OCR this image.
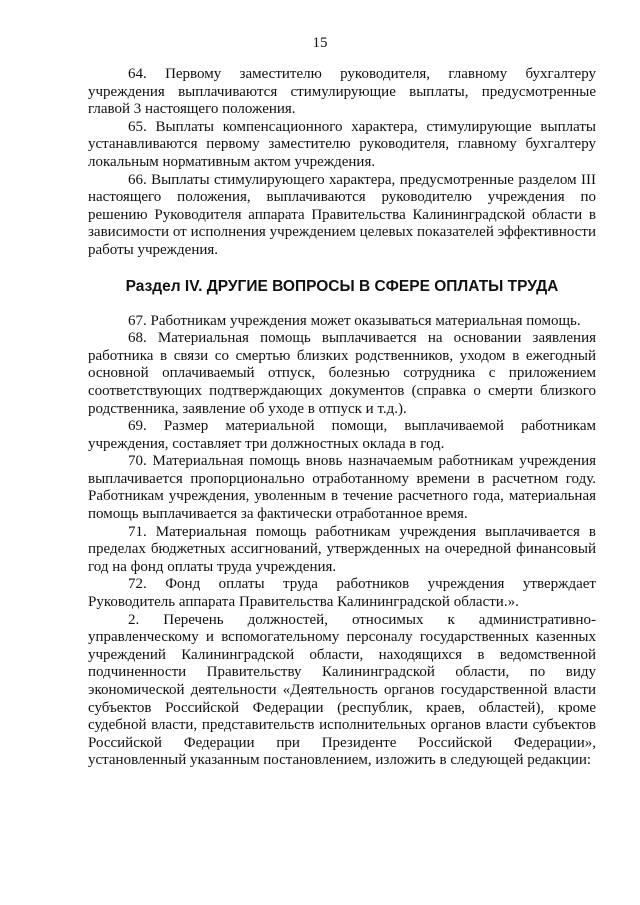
15

64. Первому заместителю руководителя, главному бухгалтеру учреждения выплачиваются стимулирующие выплаты, предусмотренные главой 3 настоящего положения.

65. Выплаты компенсационного характера, стимулирующие выплаты устанавливаются первому заместителю руководителя, главному бухгалтеру локальным нормативным актом учреждения.

66. Выплаты стимулирующего характера, предусмотренные разделом III настоящего положения, выплачиваются руководителю учреждения по решению Руководителя аппарата Правительства Калининградской области в зависимости от исполнения учреждением целевых показателей эффективности работы учреждения.

Раздел IV. ДРУГИЕ ВОПРОСЫ В СФЕРЕ ОПЛАТЫ ТРУДА

67. Работникам учреждения может оказываться материальная помощь.

68. Материальная помощь выплачивается на основании заявления работника в связи со смертью близких родственников, уходом в ежегодный основной оплачиваемый отпуск, болезнью сотрудника с приложением соответствующих подтверждающих документов (справка о смерти близкого родственника, заявление об уходе в отпуск и т.д.).

69. Размер материальной помощи, выплачиваемой работникам учреждения, составляет три должностных оклада в год.

70. Материальная помощь вновь назначаемым работникам учреждения выплачивается пропорционально отработанному времени в расчетном году. Работникам учреждения, уволенным в течение расчетного года, материальная помощь выплачивается за фактически отработанное время.

71. Материальная помощь работникам учреждения выплачивается в пределах бюджетных ассигнований, утвержденных на очередной финансовый год на фонд оплаты труда учреждения.

72. Фонд оплаты труда работников учреждения утверждает Руководитель аппарата Правительства Калининградской области.».

2. Перечень должностей, относимых к административно-управленческому и вспомогательному персоналу государственных казенных учреждений Калининградской области, находящихся в ведомственной подчиненности Правительству Калининградской области, по виду экономической деятельности «Деятельность органов государственной власти субъектов Российской Федерации (республик, краев, областей), кроме судебной власти, представительств исполнительных органов власти субъектов Российской Федерации при Президенте Российской Федерации», установленный указанным постановлением, изложить в следующей редакции:
